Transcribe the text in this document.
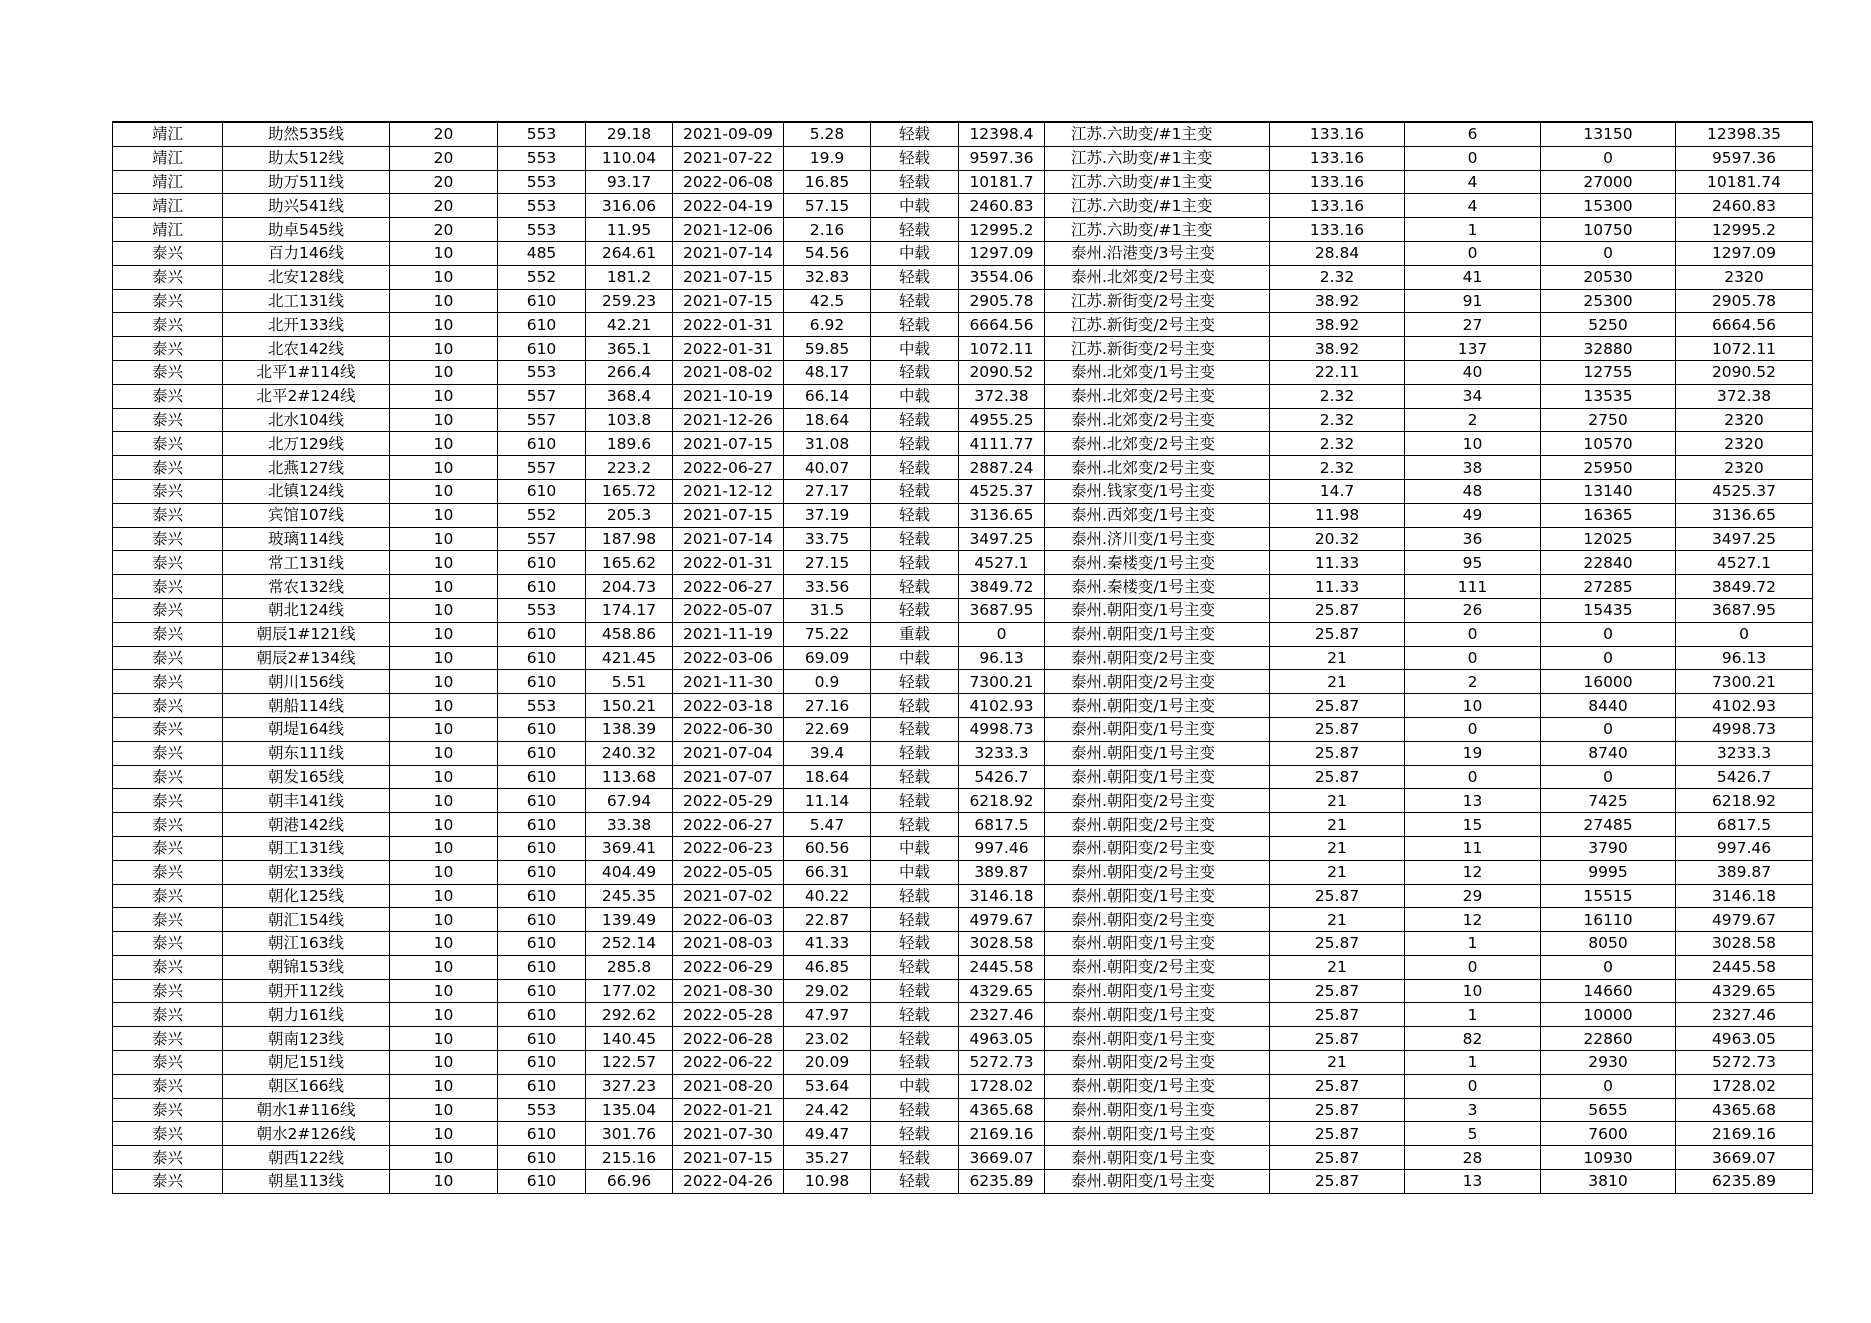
靖江	助然535线	20	553	29.18	2021-09-09	5.28	轻载	12398.4	江苏.六助变/#1主变	133.16	6	13150	12398.35
靖江	助太512线	20	553	110.04	2021-07-22	19.9	轻载	9597.36	江苏.六助变/#1主变	133.16	0	0	9597.36
靖江	助万511线	20	553	93.17	2022-06-08	16.85	轻载	10181.7	江苏.六助变/#1主变	133.16	4	27000	10181.74
靖江	助兴541线	20	553	316.06	2022-04-19	57.15	中载	2460.83	江苏.六助变/#1主变	133.16	4	15300	2460.83
靖江	助卓545线	20	553	11.95	2021-12-06	2.16	轻载	12995.2	江苏.六助变/#1主变	133.16	1	10750	12995.2
泰兴	百力146线	10	485	264.61	2021-07-14	54.56	中载	1297.09	泰州.沿港变/3号主变	28.84	0	0	1297.09
泰兴	北安128线	10	552	181.2	2021-07-15	32.83	轻载	3554.06	泰州.北郊变/2号主变	2.32	41	20530	2320
泰兴	北工131线	10	610	259.23	2021-07-15	42.5	轻载	2905.78	江苏.新街变/2号主变	38.92	91	25300	2905.78
泰兴	北开133线	10	610	42.21	2022-01-31	6.92	轻载	6664.56	江苏.新街变/2号主变	38.92	27	5250	6664.56
泰兴	北农142线	10	610	365.1	2022-01-31	59.85	中载	1072.11	江苏.新街变/2号主变	38.92	137	32880	1072.11
泰兴	北平1#114线	10	553	266.4	2021-08-02	48.17	轻载	2090.52	泰州.北郊变/1号主变	22.11	40	12755	2090.52
泰兴	北平2#124线	10	557	368.4	2021-10-19	66.14	中载	372.38	泰州.北郊变/2号主变	2.32	34	13535	372.38
泰兴	北水104线	10	557	103.8	2021-12-26	18.64	轻载	4955.25	泰州.北郊变/2号主变	2.32	2	2750	2320
泰兴	北万129线	10	610	189.6	2021-07-15	31.08	轻载	4111.77	泰州.北郊变/2号主变	2.32	10	10570	2320
泰兴	北燕127线	10	557	223.2	2022-06-27	40.07	轻载	2887.24	泰州.北郊变/2号主变	2.32	38	25950	2320
泰兴	北镇124线	10	610	165.72	2021-12-12	27.17	轻载	4525.37	泰州.钱家变/1号主变	14.7	48	13140	4525.37
泰兴	宾馆107线	10	552	205.3	2021-07-15	37.19	轻载	3136.65	泰州.西郊变/1号主变	11.98	49	16365	3136.65
泰兴	玻璃114线	10	557	187.98	2021-07-14	33.75	轻载	3497.25	泰州.济川变/1号主变	20.32	36	12025	3497.25
泰兴	常工131线	10	610	165.62	2022-01-31	27.15	轻载	4527.1	泰州.秦楼变/1号主变	11.33	95	22840	4527.1
泰兴	常农132线	10	610	204.73	2022-06-27	33.56	轻载	3849.72	泰州.秦楼变/1号主变	11.33	111	27285	3849.72
泰兴	朝北124线	10	553	174.17	2022-05-07	31.5	轻载	3687.95	泰州.朝阳变/1号主变	25.87	26	15435	3687.95
泰兴	朝辰1#121线	10	610	458.86	2021-11-19	75.22	重载	0	泰州.朝阳变/1号主变	25.87	0	0	0
泰兴	朝辰2#134线	10	610	421.45	2022-03-06	69.09	中载	96.13	泰州.朝阳变/2号主变	21	0	0	96.13
泰兴	朝川156线	10	610	5.51	2021-11-30	0.9	轻载	7300.21	泰州.朝阳变/2号主变	21	2	16000	7300.21
泰兴	朝船114线	10	553	150.21	2022-03-18	27.16	轻载	4102.93	泰州.朝阳变/1号主变	25.87	10	8440	4102.93
泰兴	朝堤164线	10	610	138.39	2022-06-30	22.69	轻载	4998.73	泰州.朝阳变/1号主变	25.87	0	0	4998.73
泰兴	朝东111线	10	610	240.32	2021-07-04	39.4	轻载	3233.3	泰州.朝阳变/1号主变	25.87	19	8740	3233.3
泰兴	朝发165线	10	610	113.68	2021-07-07	18.64	轻载	5426.7	泰州.朝阳变/1号主变	25.87	0	0	5426.7
泰兴	朝丰141线	10	610	67.94	2022-05-29	11.14	轻载	6218.92	泰州.朝阳变/2号主变	21	13	7425	6218.92
泰兴	朝港142线	10	610	33.38	2022-06-27	5.47	轻载	6817.5	泰州.朝阳变/2号主变	21	15	27485	6817.5
泰兴	朝工131线	10	610	369.41	2022-06-23	60.56	中载	997.46	泰州.朝阳变/2号主变	21	11	3790	997.46
泰兴	朝宏133线	10	610	404.49	2022-05-05	66.31	中载	389.87	泰州.朝阳变/2号主变	21	12	9995	389.87
泰兴	朝化125线	10	610	245.35	2021-07-02	40.22	轻载	3146.18	泰州.朝阳变/1号主变	25.87	29	15515	3146.18
泰兴	朝汇154线	10	610	139.49	2022-06-03	22.87	轻载	4979.67	泰州.朝阳变/2号主变	21	12	16110	4979.67
泰兴	朝江163线	10	610	252.14	2021-08-03	41.33	轻载	3028.58	泰州.朝阳变/1号主变	25.87	1	8050	3028.58
泰兴	朝锦153线	10	610	285.8	2022-06-29	46.85	轻载	2445.58	泰州.朝阳变/2号主变	21	0	0	2445.58
泰兴	朝开112线	10	610	177.02	2021-08-30	29.02	轻载	4329.65	泰州.朝阳变/1号主变	25.87	10	14660	4329.65
泰兴	朝力161线	10	610	292.62	2022-05-28	47.97	轻载	2327.46	泰州.朝阳变/1号主变	25.87	1	10000	2327.46
泰兴	朝南123线	10	610	140.45	2022-06-28	23.02	轻载	4963.05	泰州.朝阳变/1号主变	25.87	82	22860	4963.05
泰兴	朝尼151线	10	610	122.57	2022-06-22	20.09	轻载	5272.73	泰州.朝阳变/2号主变	21	1	2930	5272.73
泰兴	朝区166线	10	610	327.23	2021-08-20	53.64	中载	1728.02	泰州.朝阳变/1号主变	25.87	0	0	1728.02
泰兴	朝水1#116线	10	553	135.04	2022-01-21	24.42	轻载	4365.68	泰州.朝阳变/1号主变	25.87	3	5655	4365.68
泰兴	朝水2#126线	10	610	301.76	2021-07-30	49.47	轻载	2169.16	泰州.朝阳变/1号主变	25.87	5	7600	2169.16
泰兴	朝西122线	10	610	215.16	2021-07-15	35.27	轻载	3669.07	泰州.朝阳变/1号主变	25.87	28	10930	3669.07
泰兴	朝星113线	10	610	66.96	2022-04-26	10.98	轻载	6235.89	泰州.朝阳变/1号主变	25.87	13	3810	6235.89
